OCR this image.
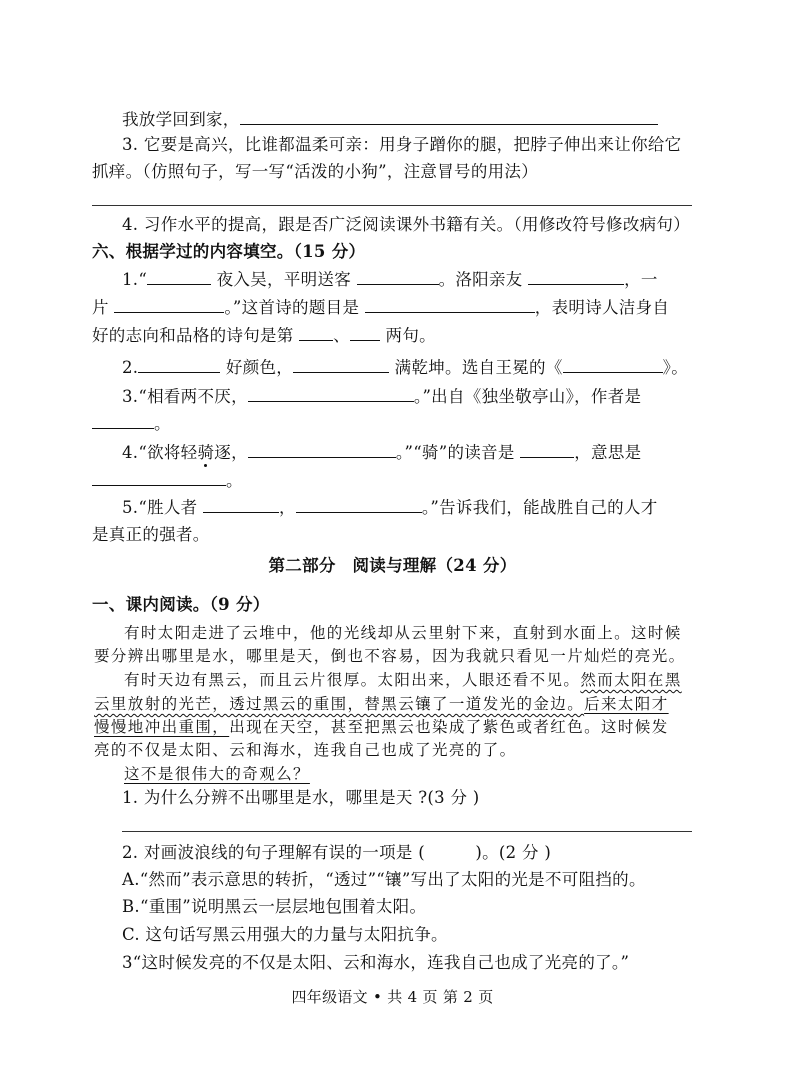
我放学回到家，
3. 它要是高兴，比谁都温柔可亲：用身子蹭你的腿，把脖子伸出来让你给它
抓痒。（仿照句子，写一写“活泼的小狗”，注意冒号的用法）
4. 习作水平的提高，跟是否广泛阅读课外书籍有关。（用修改符号修改病句）
六、根据学过的内容填空。（15 分）
1.“	夜入吴，平明送客	。洛阳亲友	，一
片	。”这首诗的题目是	，表明诗人洁身自
好的志向和品格的诗句是第 、 两句。
2.	好颜色，	满乾坤。选自王冕的《	》。
3.“相看两不厌，	。”出自《独坐敬亭山》，作者是
。
4.“欲将轻骑逐，	。”“骑”的读音是	，意思是
。
5.“胜人者	，	。”告诉我们，能战胜自己的人才
是真正的强者。
第二部分　阅读与理解（24 分）
一、课内阅读。（9 分）
有时太阳走进了云堆中，他的光线却从云里射下来，直射到水面上。这时候
要分辨出哪里是水，哪里是天，倒也不容易，因为我就只看见一片灿烂的亮光。
有时天边有黑云，而且云片很厚。太阳出来，人眼还看不见。然而太阳在黑
云里放射的光芒，透过黑云的重围，替黑云镶了一道发光的金边。后来太阳才
慢慢地冲出重围，出现在天空，甚至把黑云也染成了紫色或者红色。这时候发
亮的不仅是太阳、云和海水，连我自己也成了光亮的了。
这不是很伟大的奇观么？
1. 为什么分辨不出哪里是水，哪里是天 ?(3 分 )
2. 对画波浪线的句子理解有误的一项是 (　　　)。(2 分 )
A.“然而”表示意思的转折，“透过”“镶”写出了太阳的光是不可阻挡的。
B.“重围”说明黑云一层层地包围着太阳。
C. 这句话写黑云用强大的力量与太阳抗争。
3“这时候发亮的不仅是太阳、云和海水，连我自己也成了光亮的了。”
四年级语文 • 共 4 页 第 2 页
